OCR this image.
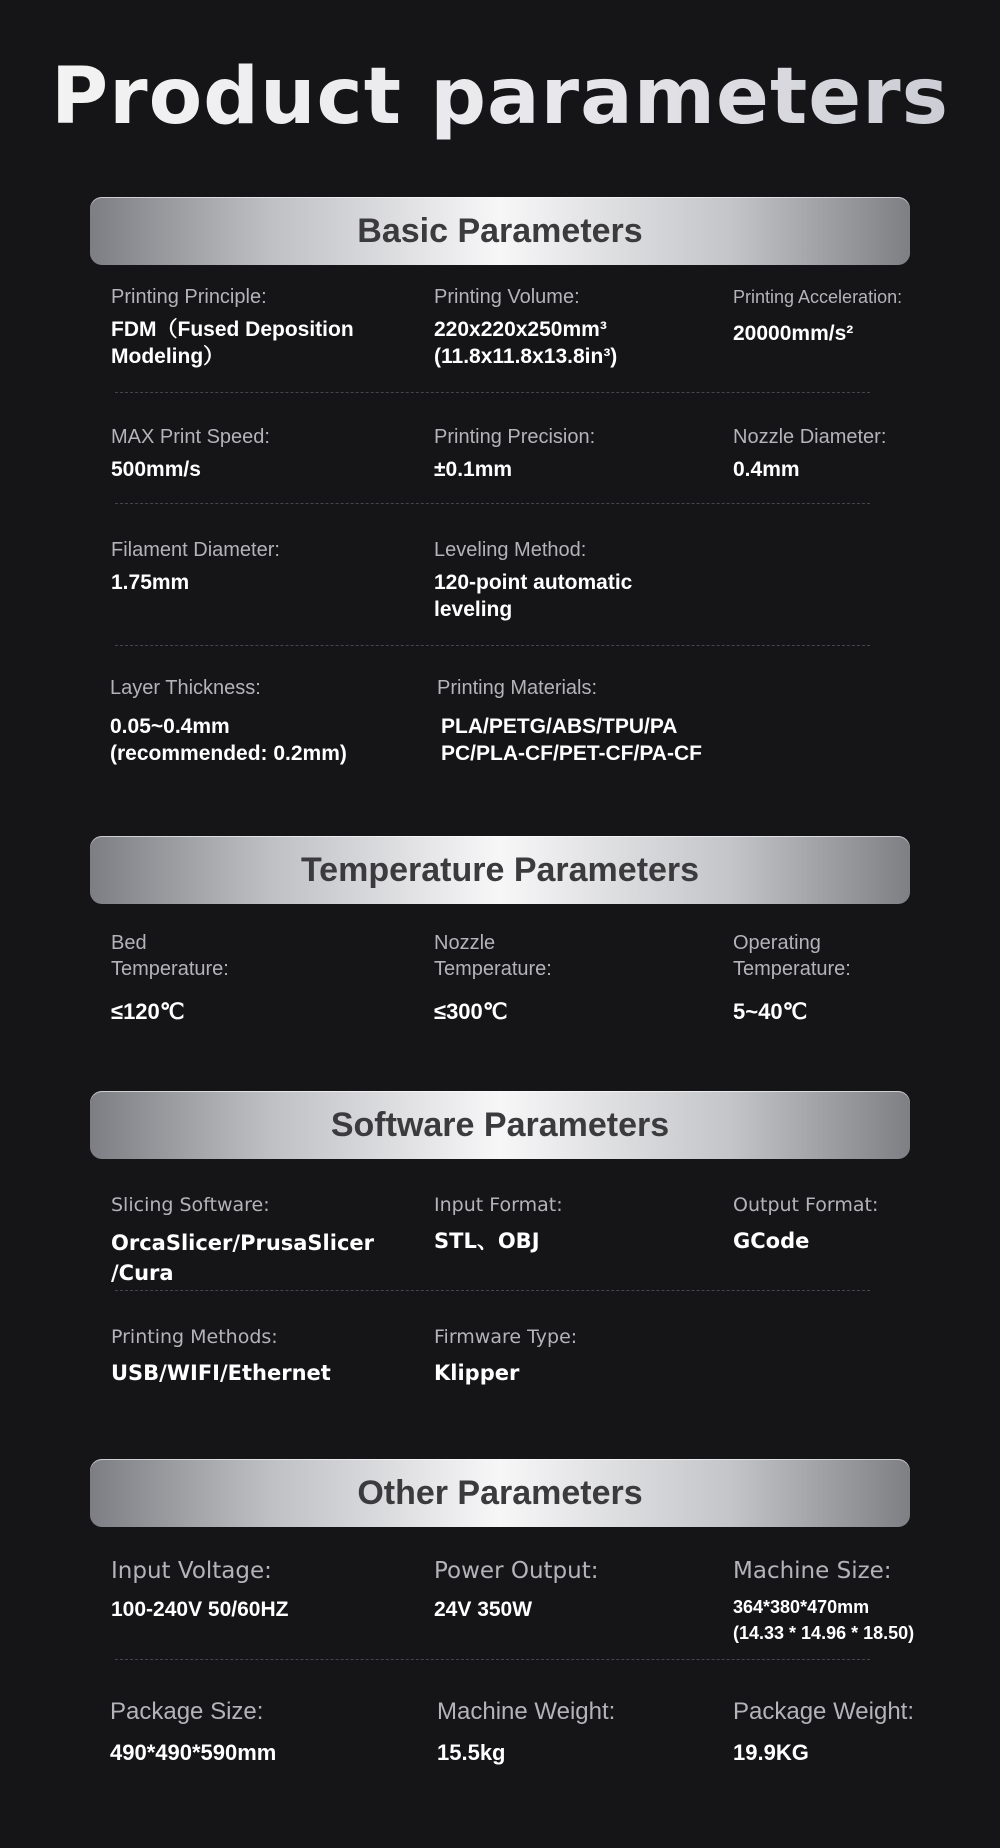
Product parameters
Basic Parameters
Printing Principle:
FDM（Fused Deposition
Modeling）
Printing Volume:
220x220x250mm³
(11.8x11.8x13.8in³)
Printing Acceleration:
20000mm/s²
MAX Print Speed:
500mm/s
Printing Precision:
±0.1mm
Nozzle Diameter:
0.4mm
Filament Diameter:
1.75mm
Leveling Method:
120-point automatic
leveling
Layer Thickness:
0.05~0.4mm
(recommended: 0.2mm)
Printing Materials:
PLA/PETG/ABS/TPU/PA
PC/PLA-CF/PET-CF/PA-CF
Temperature Parameters
Bed
Temperature:
≤120℃
Nozzle
Temperature:
≤300℃
Operating
Temperature:
5~40℃
Software Parameters
Slicing Software:
OrcaSlicer/PrusaSlicer
/Cura
Input Format:
STL、OBJ
Output Format:
GCode
Printing Methods:
USB/WIFI/Ethernet
Firmware Type:
Klipper
Other Parameters
Input Voltage:
100-240V 50/60HZ
Power Output:
24V 350W
Machine Size:
364*380*470mm
(14.33 * 14.96 * 18.50)
Package Size:
490*490*590mm
Machine Weight:
15.5kg
Package Weight:
19.9KG
